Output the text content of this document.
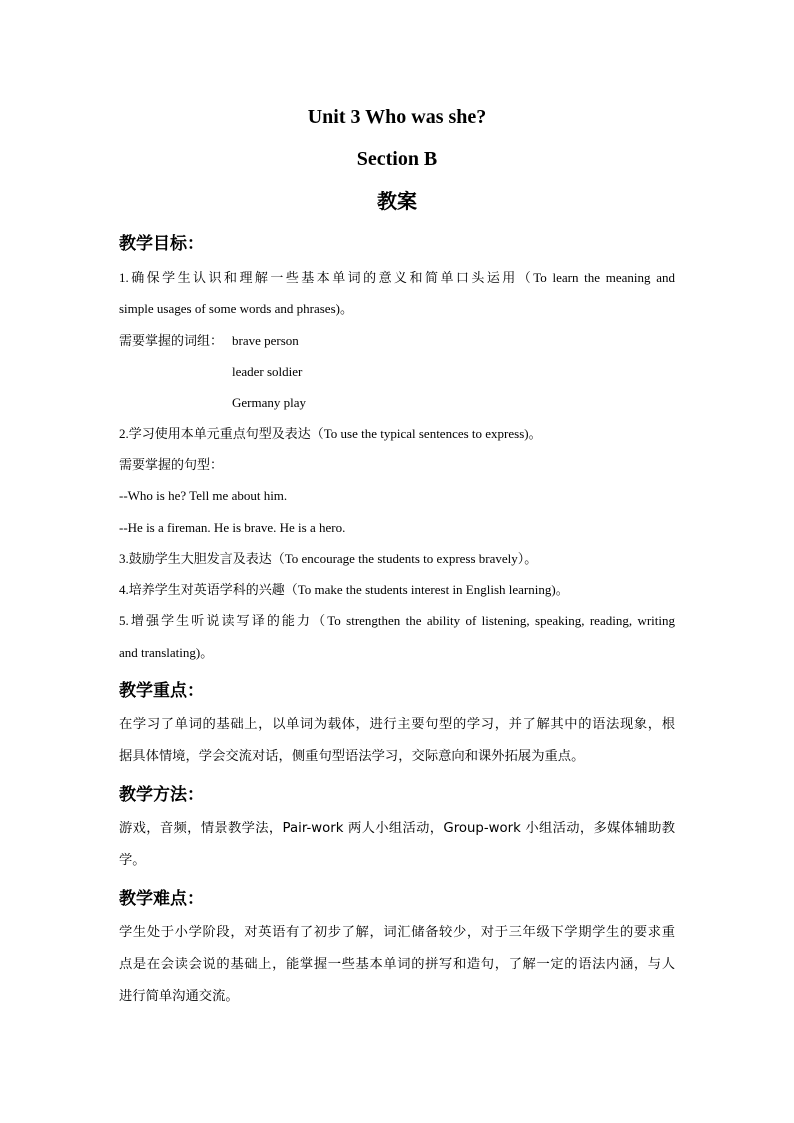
Unit 3 Who was she?
Section B
教案
教学目标：
1.确保学生认识和理解一些基本单词的意义和简单口头运用（To learn the meaning and
simple usages of some words and phrases)。
需要掌握的词组： brave person
leader soldier
Germany play
2.学习使用本单元重点句型及表达（To use the typical sentences to express)。
需要掌握的句型：
--Who is he? Tell me about him.
--He is a fireman. He is brave. He is a hero.
3.鼓励学生大胆发言及表达（To encourage the students to express bravely）。
4.培养学生对英语学科的兴趣（To make the students interest in English learning)。
5.增强学生听说读写译的能力（To strengthen the ability of listening, speaking, reading, writing
and translating)。
教学重点：
在学习了单词的基础上，以单词为载体，进行主要句型的学习，并了解其中的语法现象，根
据具体情境，学会交流对话，侧重句型语法学习，交际意向和课外拓展为重点。
教学方法：
游戏，音频，情景教学法，Pair-work 两人小组活动，Group-work 小组活动，多媒体辅助教
学。
教学难点：
学生处于小学阶段，对英语有了初步了解，词汇储备较少，对于三年级下学期学生的要求重
点是在会读会说的基础上，能掌握一些基本单词的拼写和造句，了解一定的语法内涵，与人
进行简单沟通交流。
